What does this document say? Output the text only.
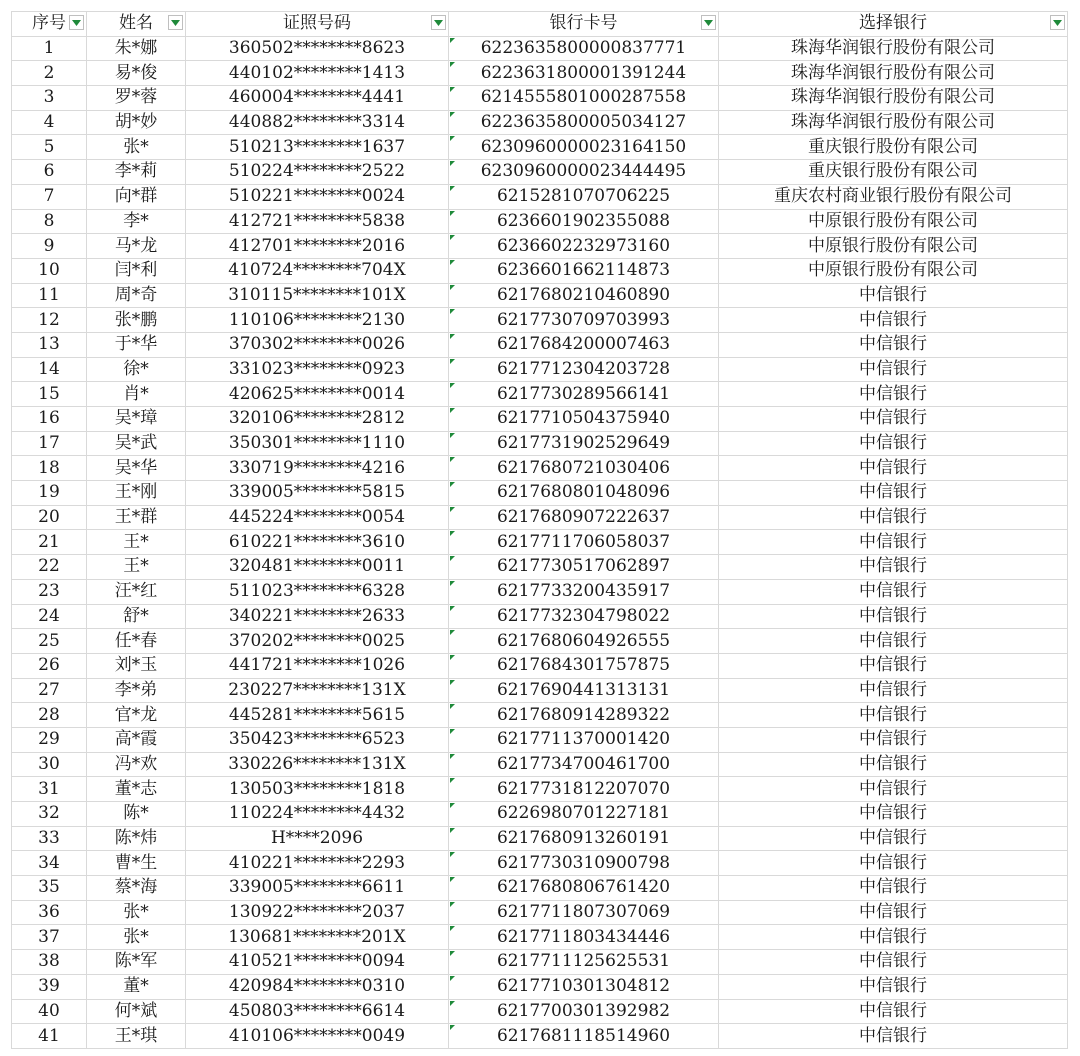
序号	姓名	证照号码	银行卡号	选择银行

1	朱*娜	360502********8623	6223635800000837771	珠海华润银行股份有限公司
2	易*俊	440102********1413	6223631800001391244	珠海华润银行股份有限公司
3	罗*蓉	460004********4441	6214555801000287558	珠海华润银行股份有限公司
4	胡*妙	440882********3314	6223635800005034127	珠海华润银行股份有限公司
5	张*	510213********1637	6230960000023164150	重庆银行股份有限公司
6	李*莉	510224********2522	6230960000023444495	重庆银行股份有限公司
7	向*群	510221********0024	6215281070706225	重庆农村商业银行股份有限公司
8	李*	412721********5838	6236601902355088	中原银行股份有限公司
9	马*龙	412701********2016	6236602232973160	中原银行股份有限公司
10	闫*利	410724********704X	6236601662114873	中原银行股份有限公司
11	周*奇	310115********101X	6217680210460890	中信银行
12	张*鹏	110106********2130	6217730709703993	中信银行
13	于*华	370302********0026	6217684200007463	中信银行
14	徐*	331023********0923	6217712304203728	中信银行
15	肖*	420625********0014	6217730289566141	中信银行
16	吴*璋	320106********2812	6217710504375940	中信银行
17	吴*武	350301********1110	6217731902529649	中信银行
18	吴*华	330719********4216	6217680721030406	中信银行
19	王*刚	339005********5815	6217680801048096	中信银行
20	王*群	445224********0054	6217680907222637	中信银行
21	王*	610221********3610	6217711706058037	中信银行
22	王*	320481********0011	6217730517062897	中信银行
23	汪*红	511023********6328	6217733200435917	中信银行
24	舒*	340221********2633	6217732304798022	中信银行
25	任*春	370202********0025	6217680604926555	中信银行
26	刘*玉	441721********1026	6217684301757875	中信银行
27	李*弟	230227********131X	6217690441313131	中信银行
28	官*龙	445281********5615	6217680914289322	中信银行
29	高*霞	350423********6523	6217711370001420	中信银行
30	冯*欢	330226********131X	6217734700461700	中信银行
31	董*志	130503********1818	6217731812207070	中信银行
32	陈*	110224********4432	6226980701227181	中信银行
33	陈*炜	H****2096	6217680913260191	中信银行
34	曹*生	410221********2293	6217730310900798	中信银行
35	蔡*海	339005********6611	6217680806761420	中信银行
36	张*	130922********2037	6217711807307069	中信银行
37	张*	130681********201X	6217711803434446	中信银行
38	陈*军	410521********0094	6217711125625531	中信银行
39	董*	420984********0310	6217710301304812	中信银行
40	何*斌	450803********6614	6217700301392982	中信银行
41	王*琪	410106********0049	6217681118514960	中信银行
